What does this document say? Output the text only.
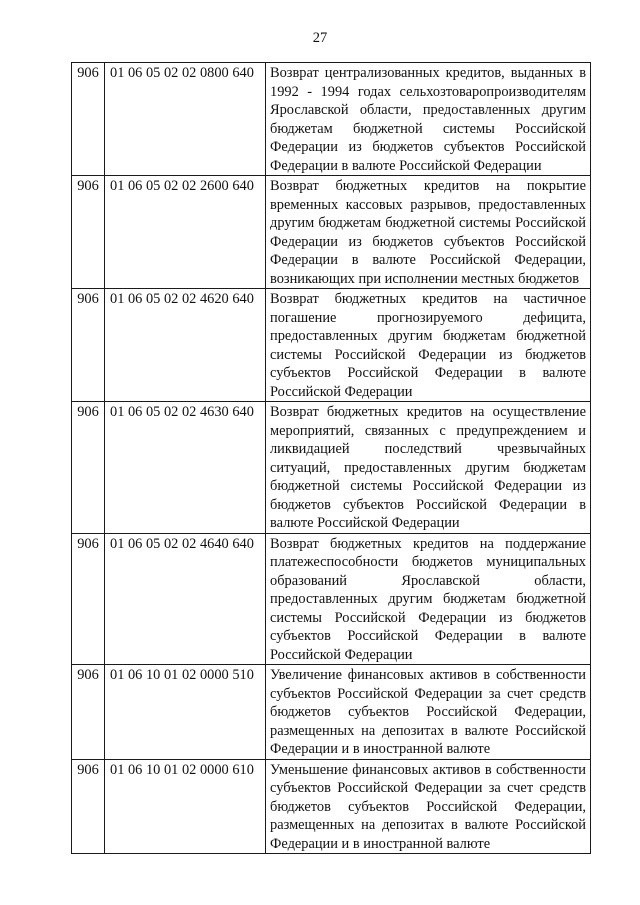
27
906	01 06 05 02 02 0800 640	Возврат централизованных кредитов, выданных в 1992 - 1994 годах сельхозтоваропроизводителям Ярославской области, предоставленных другим бюджетам бюджетной системы Российской Федерации из бюджетов субъектов Российской Федерации в валюте Российской Федерации
906	01 06 05 02 02 2600 640	Возврат бюджетных кредитов на покрытие временных кассовых разрывов, предоставленных другим бюджетам бюджетной системы Российской Федерации из бюджетов субъектов Российской Федерации в валюте Российской Федерации, возникающих при исполнении местных бюджетов
906	01 06 05 02 02 4620 640	Возврат бюджетных кредитов на частичное погашение прогнозируемого дефицита, предоставленных другим бюджетам бюджетной системы Российской Федерации из бюджетов субъектов Российской Федерации в валюте Российской Федерации
906	01 06 05 02 02 4630 640	Возврат бюджетных кредитов на осуществление мероприятий, связанных с предупреждением и ликвидацией последствий чрезвычайных ситуаций, предоставленных другим бюджетам бюджетной системы Российской Федерации из бюджетов субъектов Российской Федерации в валюте Российской Федерации
906	01 06 05 02 02 4640 640	Возврат бюджетных кредитов на поддержание платежеспособности бюджетов муниципальных образований Ярославской области, предоставленных другим бюджетам бюджетной системы Российской Федерации из бюджетов субъектов Российской Федерации в валюте Российской Федерации
906	01 06 10 01 02 0000 510	Увеличение финансовых активов в собственности субъектов Российской Федерации за счет средств бюджетов субъектов Российской Федерации, размещенных на депозитах в валюте Российской Федерации и в иностранной валюте
906	01 06 10 01 02 0000 610	Уменьшение финансовых активов в собственности субъектов Российской Федерации за счет средств бюджетов субъектов Российской Федерации, размещенных на депозитах в валюте Российской Федерации и в иностранной валюте
